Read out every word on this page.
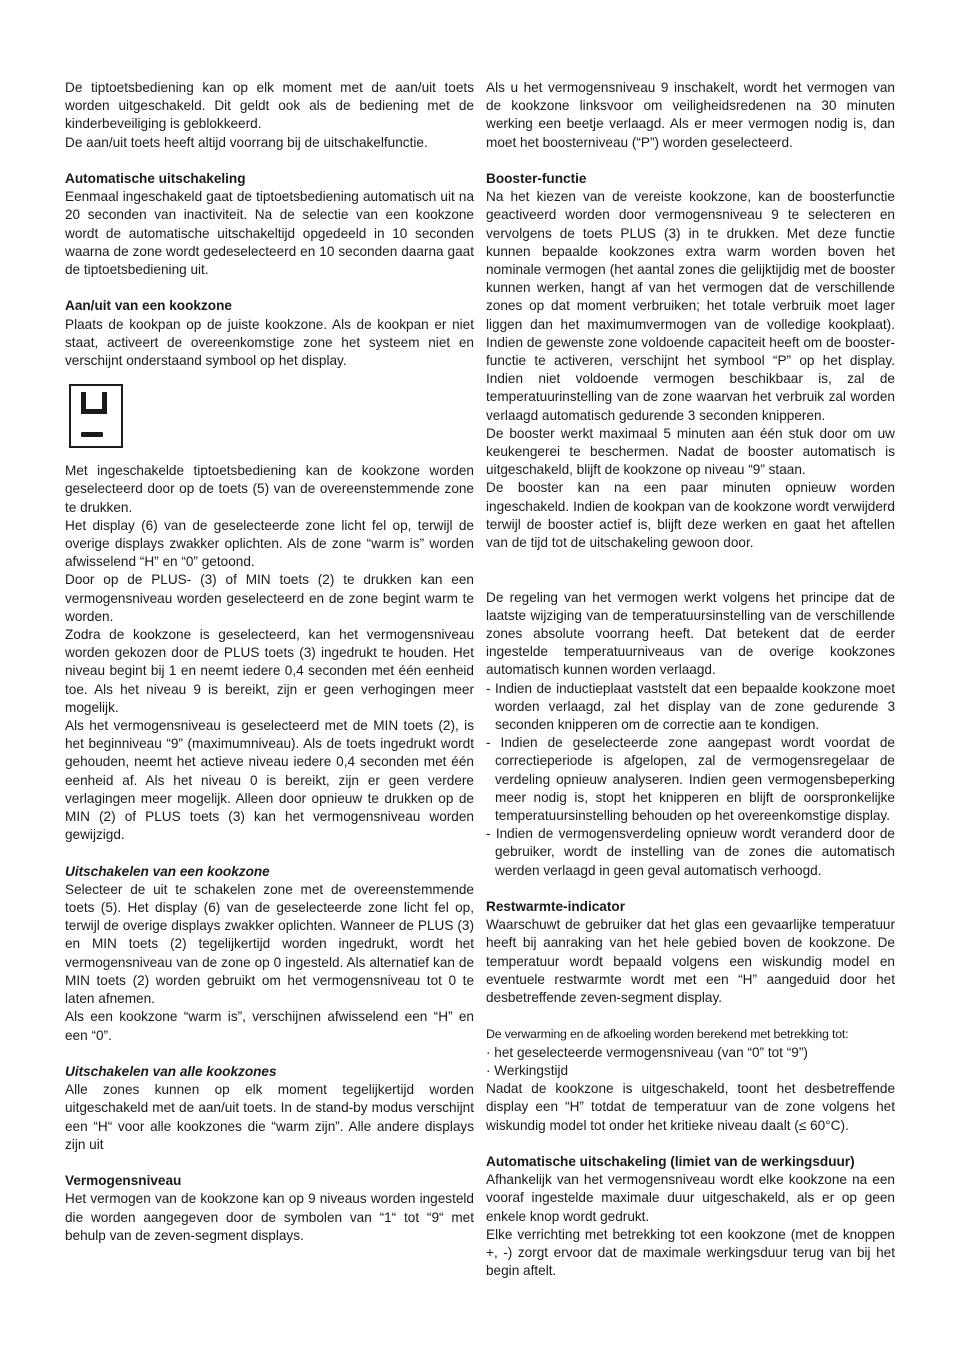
De tiptoetsbediening kan op elk moment met de aan/uit toets worden uitgeschakeld. Dit geldt ook als de bediening met de kinderbeveiliging is geblokkeerd.

De aan/uit toets heeft altijd voorrang bij de uitschakelfunctie.

Automatische uitschakeling

Eenmaal ingeschakeld gaat de tiptoetsbediening automatisch uit na 20 seconden van inactiviteit. Na de selectie van een kookzone wordt de automatische uitschakeltijd opgedeeld in 10 seconden waarna de zone wordt gedeselecteerd en 10 seconden daarna gaat de tiptoetsbediening uit.

Aan/uit van een kookzone

Plaats de kookpan op de juiste kookzone. Als de kookpan er niet staat, activeert de overeenkomstige zone het systeem niet en verschijnt onderstaand symbool op het display.

Met ingeschakelde tiptoetsbediening kan de kookzone worden geselecteerd door op de toets (5) van de overeenstemmende zone te drukken.

Het display (6) van de geselecteerde zone licht fel op, terwijl de overige displays zwakker oplichten. Als de zone “warm is” worden afwisselend “H” en “0” getoond.

Door op de PLUS- (3) of MIN toets (2) te drukken kan een vermogensniveau worden geselecteerd en de zone begint warm te worden.

Zodra de kookzone is geselecteerd, kan het vermogensniveau worden gekozen door de PLUS toets (3) ingedrukt te houden. Het niveau begint bij 1 en neemt iedere 0,4 seconden met één eenheid toe. Als het niveau 9 is bereikt, zijn er geen verhogingen meer mogelijk.

Als het vermogensniveau is geselecteerd met de MIN toets (2), is het beginniveau “9” (maximumniveau). Als de toets ingedrukt wordt gehouden, neemt het actieve niveau iedere 0,4 seconden met één eenheid af. Als het niveau 0 is bereikt, zijn er geen verdere verlagingen meer mogelijk. Alleen door opnieuw te drukken op de MIN (2) of PLUS toets (3) kan het vermogensniveau worden gewijzigd.

Uitschakelen van een kookzone

Selecteer de uit te schakelen zone met de overeenstemmende toets (5). Het display (6) van de geselecteerde zone licht fel op, terwijl de overige displays zwakker oplichten. Wanneer de PLUS (3) en MIN toets (2) tegelijkertijd worden ingedrukt, wordt het vermogensniveau van de zone op 0 ingesteld. Als alternatief kan de MIN toets (2) worden gebruikt om het vermogensniveau tot 0 te laten afnemen.

Als een kookzone “warm is”, verschijnen afwisselend een “H” en een “0”.

Uitschakelen van alle kookzones

Alle zones kunnen op elk moment tegelijkertijd worden uitgeschakeld met de aan/uit toets. In de stand-by modus verschijnt een “H“ voor alle kookzones die “warm zijn”. Alle andere displays zijn uit

Vermogensniveau

Het vermogen van de kookzone kan op 9 niveaus worden ingesteld die worden aangegeven door de symbolen van “1“ tot “9“ met behulp van de zeven-segment displays.

Als u het vermogensniveau 9 inschakelt, wordt het vermogen van de kookzone linksvoor om veiligheidsredenen na 30 minuten werking een beetje verlaagd. Als er meer vermogen nodig is, dan moet het boosterniveau (“P”) worden geselecteerd.

Booster-functie

Na het kiezen van de vereiste kookzone, kan de boosterfunctie geactiveerd worden door vermogensniveau 9 te selecteren en vervolgens de toets PLUS (3) in te drukken. Met deze functie kunnen bepaalde kookzones extra warm worden boven het nominale vermogen (het aantal zones die gelijktijdig met de booster kunnen werken, hangt af van het vermogen dat de verschillende zones op dat moment verbruiken; het totale verbruik moet lager liggen dan het maximumvermogen van de volledige kookplaat). Indien de gewenste zone voldoende capaciteit heeft om de booster-functie te activeren, verschijnt het symbool “P” op het display. Indien niet voldoende vermogen beschikbaar is, zal de temperatuurinstelling van de zone waarvan het verbruik zal worden verlaagd automatisch gedurende 3 seconden knipperen.

De booster werkt maximaal 5 minuten aan één stuk door om uw keukengerei te beschermen. Nadat de booster automatisch is uitgeschakeld, blijft de kookzone op niveau “9” staan.

De booster kan na een paar minuten opnieuw worden ingeschakeld. Indien de kookpan van de kookzone wordt verwijderd terwijl de booster actief is, blijft deze werken en gaat het aftellen van de tijd tot de uitschakeling gewoon door.

De regeling van het vermogen werkt volgens het principe dat de laatste wijziging van de temperatuursinstelling van de verschillende zones absolute voorrang heeft. Dat betekent dat de eerder ingestelde temperatuurniveaus van de overige kookzones automatisch kunnen worden verlaagd.

- Indien de inductieplaat vaststelt dat een bepaalde kookzone moet worden verlaagd, zal het display van de zone gedurende 3 seconden knipperen om de correctie aan te kondigen.

- Indien de geselecteerde zone aangepast wordt voordat de correctieperiode is afgelopen, zal de vermogensregelaar de verdeling opnieuw analyseren. Indien geen vermogensbeperking meer nodig is, stopt het knipperen en blijft de oorspronkelijke temperatuursinstelling behouden op het overeenkomstige display.

- Indien de vermogensverdeling opnieuw wordt veranderd door de gebruiker, wordt de instelling van de zones die automatisch werden verlaagd in geen geval automatisch verhoogd.

Restwarmte-indicator

Waarschuwt de gebruiker dat het glas een gevaarlijke temperatuur heeft bij aanraking van het hele gebied boven de kookzone. De temperatuur wordt bepaald volgens een wiskundig model en eventuele restwarmte wordt met een “H” aangeduid door het desbetreffende zeven-segment display.

De verwarming en de afkoeling worden berekend met betrekking tot:

· het geselecteerde vermogensniveau (van “0” tot “9”)

· Werkingstijd

Nadat de kookzone is uitgeschakeld, toont het desbetreffende display een “H” totdat de temperatuur van de zone volgens het wiskundig model tot onder het kritieke niveau daalt (≤ 60°C).

Automatische uitschakeling (limiet van de werkingsduur)

Afhankelijk van het vermogensniveau wordt elke kookzone na een vooraf ingestelde maximale duur uitgeschakeld, als er op geen enkele knop wordt gedrukt.

Elke verrichting met betrekking tot een kookzone (met de knoppen +, -) zorgt ervoor dat de maximale werkingsduur terug van bij het begin aftelt.
